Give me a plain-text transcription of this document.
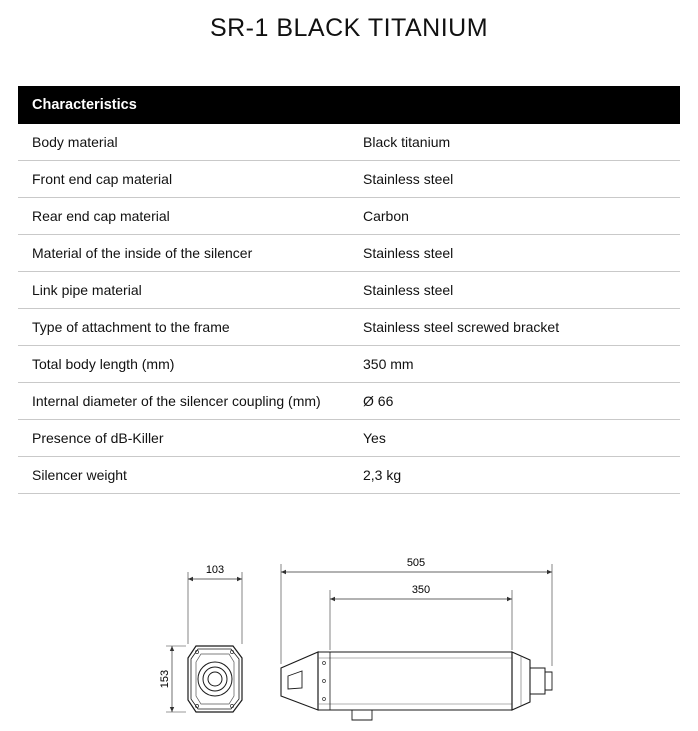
SR-1 BLACK TITANIUM
Characteristics	
Body material	Black titanium
Front end cap material	Stainless steel
Rear end cap material	Carbon
Material of the inside of the silencer	Stainless steel
Link pipe material	Stainless steel
Type of attachment to the frame	Stainless steel screwed bracket
Total body length (mm)	350 mm
Internal diameter of the silencer coupling (mm)	Ø 66
Presence of dB-Killer	Yes
Silencer weight	2,3 kg
103
153
505
350
